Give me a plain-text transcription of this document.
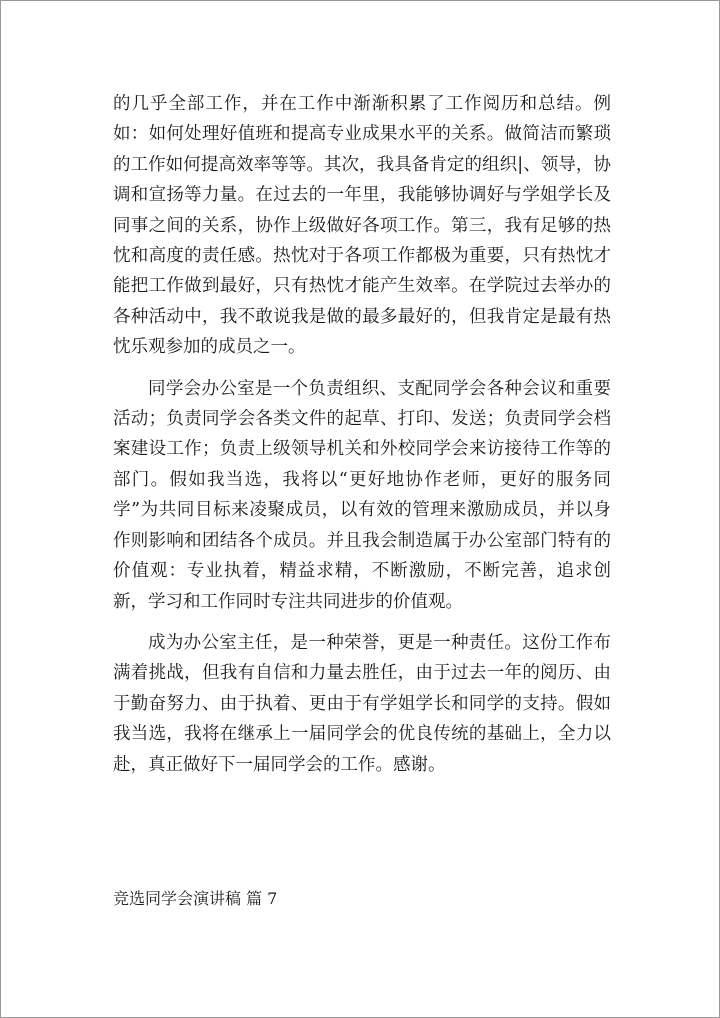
的几乎全部工作，并在工作中渐渐积累了工作阅历和总结。例如：如何处理好值班和提高专业成果水平的关系。做简洁而繁琐的工作如何提高效率等等。其次，我具备肯定的组织|、领导，协调和宣扬等力量。在过去的一年里，我能够协调好与学姐学长及同事之间的关系，协作上级做好各项工作。第三，我有足够的热忱和高度的责任感。热忱对于各项工作都极为重要，只有热忱才能把工作做到最好，只有热忱才能产生效率。在学院过去举办的各种活动中，我不敢说我是做的最多最好的，但我肯定是最有热忱乐观参加的成员之一。

同学会办公室是一个负责组织、支配同学会各种会议和重要活动；负责同学会各类文件的起草、打印、发送；负责同学会档案建设工作；负责上级领导机关和外校同学会来访接待工作等的部门。假如我当选，我将以“更好地协作老师，更好的服务同学”为共同目标来凌聚成员，以有效的管理来激励成员，并以身作则影响和团结各个成员。并且我会制造属于办公室部门特有的价值观：专业执着，精益求精，不断激励，不断完善，追求创新，学习和工作同时专注共同进步的价值观。

成为办公室主任，是一种荣誉，更是一种责任。这份工作布满着挑战，但我有自信和力量去胜任，由于过去一年的阅历、由于勤奋努力、由于执着、更由于有学姐学长和同学的支持。假如我当选，我将在继承上一届同学会的优良传统的基础上，全力以赴，真正做好下一届同学会的工作。感谢。

竞选同学会演讲稿 篇 7
